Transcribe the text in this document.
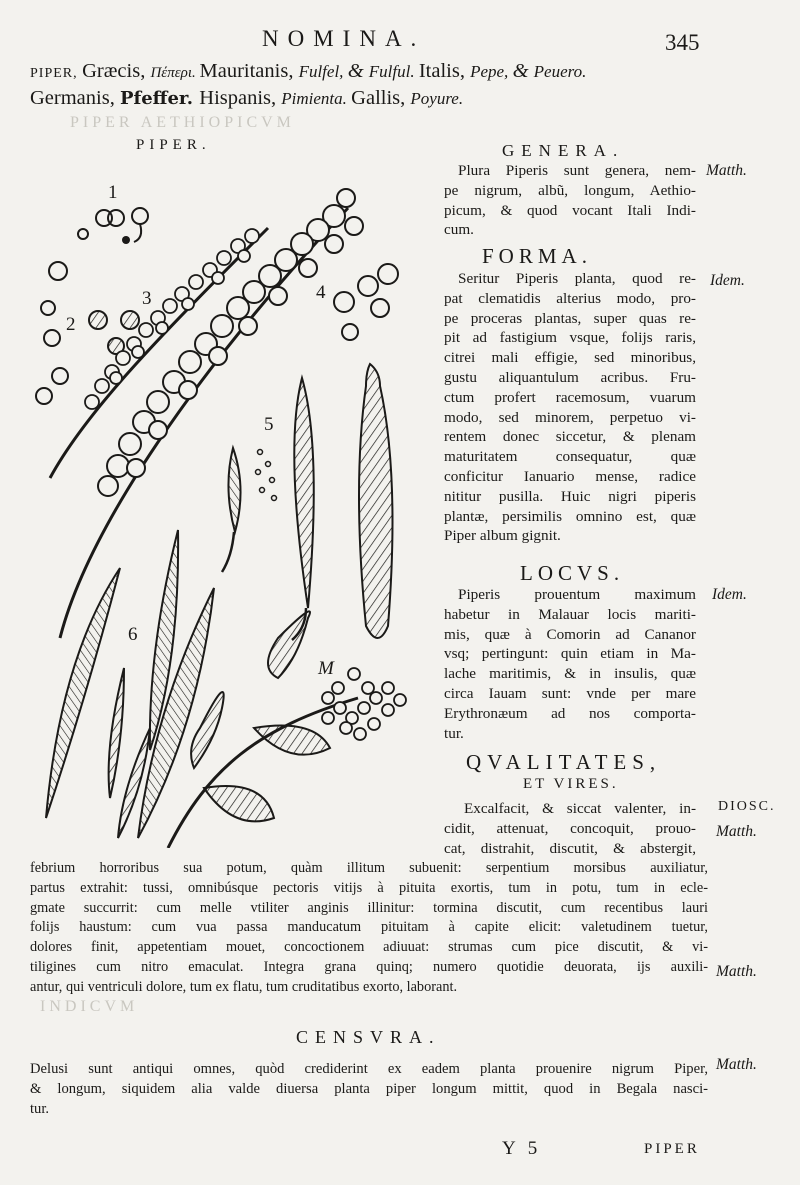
PIPER AETHIOPICVM
INDICVM
NOMINA.	345
PIPER, Græcis, Πέπερι. Mauritanis, Fulfel, & Fulful. Italis, Pepe, & Peuero.
Germanis, Pfeffer. Hispanis, Pimienta. Gallis, Poyure.
PIPER.
1
2
3	4
5
6
M
GENERA.
Plura Piperis sunt genera, nem-
pe nigrum, albũ, longum, Aethio-
picum, & quod vocant Itali Indi-
cum.
FORMA.
Seritur Piperis planta, quod re-
pat clematidis alterius modo, pro-
pe proceras plantas, super quas re-
pit ad fastigium vsque, folijs raris,
citrei mali effigie, sed minoribus,
gustu aliquantulum acribus. Fru-
ctum profert racemosum, vuarum
modo, sed minorem, perpetuo vi-
rentem donec siccetur, & plenam
maturitatem consequatur, quæ
conficitur Ianuario mense, radice
nititur pusilla. Huic nigri piperis
plantæ, persimilis omnino est, quæ
Piper album gignit.
LOCVS.
Piperis prouentum maximum
habetur in Malauar locis mariti-
mis, quæ à Comorin ad Cananor
vsq; pertingunt: quin etiam in Ma-
lache maritimis, & in insulis, quæ
circa Iauam sunt: vnde per mare
Erythronæum ad nos comporta-
tur.
QVALITATES,
ET VIRES.
Excalfacit, & siccat valenter, in-
cidit, attenuat, concoquit, prouo-
cat, distrahit, discutit, & abstergit,
febrium horroribus sua potum, quàm illitum subuenit: serpentium morsibus auxiliatur,
partus extrahit: tussi, omnibúsque pectoris vitijs à pituita exortis, tum in potu, tum in ecle-
gmate succurrit: cum melle vtiliter anginis illinitur: tormina discutit, cum recentibus lauri
folijs haustum: cum vua passa manducatum pituitam à capite elicit: valetudinem tuetur,
dolores finit, appetentiam mouet, concoctionem adiuuat: strumas cum pice discutit, & vi-
tiligines cum nitro emaculat. Integra grana quinq; numero quotidie deuorata, ijs auxili-
antur, qui ventriculi dolore, tum ex flatu, tum cruditatibus exorto, laborant.
CENSVRA.
Delusi sunt antiqui omnes, quòd crediderint ex eadem planta prouenire nigrum Piper,
& longum, siquidem alia valde diuersa planta piper longum mittit, quod in Begala nasci-
tur.
Matth.
Idem.
Idem.
DIOSC.
Matth.
Matth.
Matth.
Y 5	PIPER
